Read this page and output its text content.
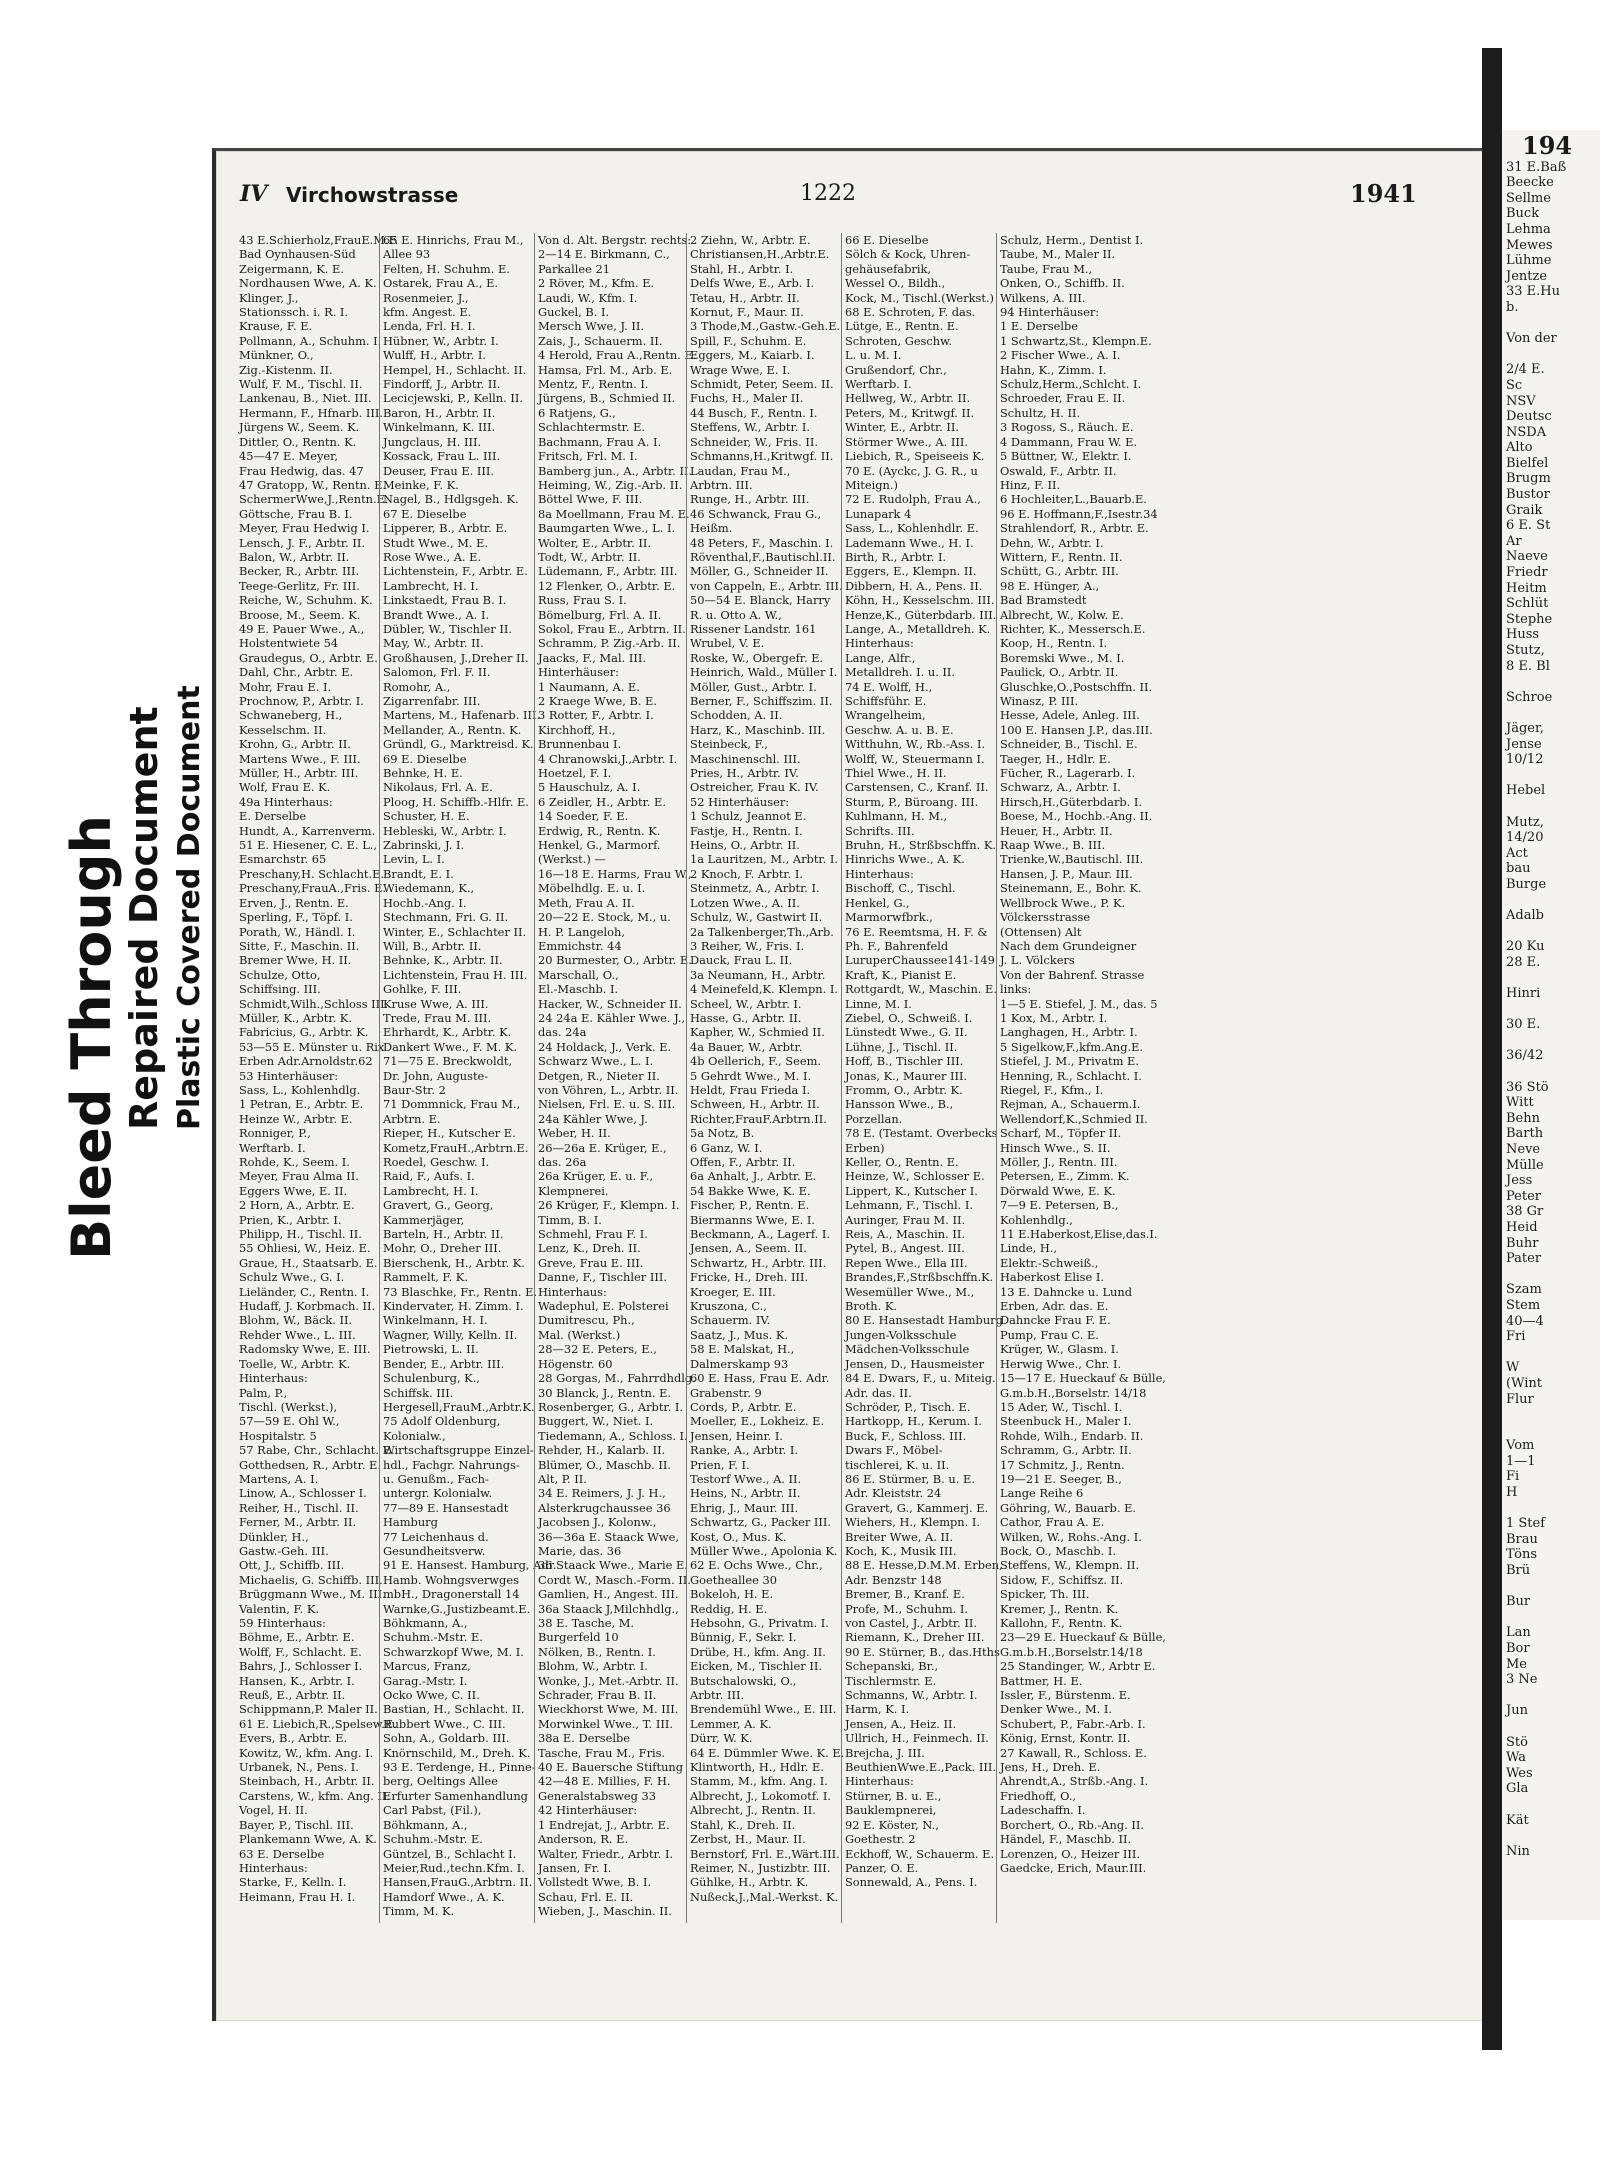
Bleed Through Repaired Document Plastic Covered Document
IV Virchowstrasse	1222	1941
43 E.Schierholz,FrauE.M.F.
Bad Oynhausen-Süd
Zeigermann, K. E.
Nordhausen Wwe, A. K.
Klinger, J.,
Stationssch. i. R. I.
Krause, F. E.
Pollmann, A., Schuhm. I.
Münkner, O.,
Zig.-Kistenm. II.
Wulf, F. M., Tischl. II.
Lankenau, B., Niet. III.
Hermann, F., Hfnarb. III.
Jürgens W., Seem. K.
Dittler, O., Rentn. K.
45—47 E. Meyer,
Frau Hedwig, das. 47
47 Gratopp, W., Rentn. E.
SchermerWwe,J.,Rentn.E.
Göttsche, Frau B. I.
Meyer, Frau Hedwig I.
Lensch, J. F., Arbtr. II.
Balon, W., Arbtr. II.
Becker, R., Arbtr. III.
Teege-Gerlitz, Fr. III.
Reiche, W., Schuhm. K.
Broose, M., Seem. K.
49 E. Pauer Wwe., A.,
Holstentwiete 54
Graudegus, O., Arbtr. E.
Dahl, Chr., Arbtr. E.
Mohr, Frau E. I.
Prochnow, P., Arbtr. I.
Schwaneberg, H.,
Kesselschm. II.
Krohn, G., Arbtr. II.
Martens Wwe., F. III.
Müller, H., Arbtr. III.
Wolf, Frau E. K.
49a Hinterhaus:
E. Derselbe
Hundt, A., Karrenverm.
51 E. Hiesener, C. E. L.,
Esmarchstr. 65
Preschany,H. Schlacht.E.
Preschany,FrauA.,Fris. E.
Erven, J., Rentn. E.
Sperling, F., Töpf. I.
Porath, W., Händl. I.
Sitte, F., Maschin. II.
Bremer Wwe, H. II.
Schulze, Otto,
Schiffsing. III.
Schmidt,Wilh.,Schloss III.
Müller, K., Arbtr. K.
Fabricius, G., Arbtr. K.
53—55 E. Münster u. Rix
Erben Adr.Arnoldstr.62
53 Hinterhäuser:
Sass, L., Kohlenhdlg.
1 Petran, E., Arbtr. E.
Heinze W., Arbtr. E.
Ronniger, P.,
Werftarb. I.
Rohde, K., Seem. I.
Meyer, Frau Alma II.
Eggers Wwe, E. II.
2 Horn, A., Arbtr. E.
Prien, K., Arbtr. I.
Philipp, H., Tischl. II.
55 Ohliesi, W., Heiz. E.
Graue, H., Staatsarb. E.
Schulz Wwe., G. I.
Lieländer, C., Rentn. I.
Hudaff, J. Korbmach. II.
Blohm, W., Bäck. II.
Rehder Wwe., L. III.
Radomsky Wwe, E. III.
Toelle, W., Arbtr. K.
Hinterhaus:
Palm, P.,
Tischl. (Werkst.),
57—59 E. Ohl W.,
Hospitalstr. 5
57 Rabe, Chr., Schlacht. E.
Gotthedsen, R., Arbtr. E.
Martens, A. I.
Linow, A., Schlosser I.
Reiher, H., Tischl. II.
Ferner, M., Arbtr. II.
Dünkler, H.,
Gastw.-Geh. III.
Ott, J., Schiffb. III.
Michaelis, G. Schiffb. III.
Brüggmann Wwe., M. III.
Valentin, F. K.
59 Hinterhaus:
Böhme, E., Arbtr. E.
Wolff, F., Schlacht. E.
Bahrs, J., Schlosser I.
Hansen, K., Arbtr. I.
Reuß, E., Arbtr. II.
Schippmann,P. Maler II.
61 E. Liebich,R.,Spelsew.E.
Evers, B., Arbtr. E.
Kowitz, W., kfm. Ang. I.
Urbanek, N., Pens. I.
Steinbach, H., Arbtr. II.
Carstens, W., kfm. Ang. II.
Vogel, H. II.
Bayer, P., Tischl. III.
Plankemann Wwe, A. K.
63 E. Derselbe
Hinterhaus:
Starke, F., Kelln. I.
Heimann, Frau H. I.
65 E. Hinrichs, Frau M.,
Allee 93
Felten, H. Schuhm. E.
Ostarek, Frau A., E.
Rosenmeier, J.,
kfm. Angest. E.
Lenda, Frl. H. I.
Hübner, W., Arbtr. I.
Wulff, H., Arbtr. I.
Hempel, H., Schlacht. II.
Findorff, J., Arbtr. II.
Lecicjewski, P., Kelln. II.
Baron, H., Arbtr. II.
Winkelmann, K. III.
Jungclaus, H. III.
Kossack, Frau L. III.
Deuser, Frau E. III.
Meinke, F. K.
Nagel, B., Hdlgsgeh. K.
67 E. Dieselbe
Lipperer, B., Arbtr. E.
Studt Wwe., M. E.
Rose Wwe., A. E.
Lichtenstein, F., Arbtr. E.
Lambrecht, H. I.
Linkstaedt, Frau B. I.
Brandt Wwe., A. I.
Dübler, W., Tischler II.
May, W., Arbtr. II.
Großhausen, J.,Dreher II.
Salomon, Frl. F. II.
Romohr, A.,
Zigarrenfabr. III.
Martens, M., Hafenarb. III.
Mellander, A., Rentn. K.
Gründl, G., Marktreisd. K.
69 E. Dieselbe
Behnke, H. E.
Nikolaus, Frl. A. E.
Ploog, H. Schiffb.-Hlfr. E.
Schuster, H. E.
Hebleski, W., Arbtr. I.
Zabrinski, J. I.
Levin, L. I.
Brandt, E. I.
Wiedemann, K.,
Hochb.-Ang. I.
Stechmann, Fri. G. II.
Winter, E., Schlachter II.
Will, B., Arbtr. II.
Behnke, K., Arbtr. II.
Lichtenstein, Frau H. III.
Gohlke, F. III.
Kruse Wwe, A. III.
Trede, Frau M. III.
Ehrhardt, K., Arbtr. K.
Dankert Wwe., F. M. K.
71—75 E. Breckwoldt,
Dr. John, Auguste-
Baur-Str. 2
71 Dommnick, Frau M.,
Arbtrn. E.
Rieper, H., Kutscher E.
Kometz,FrauH.,Arbtrn.E.
Roedel, Geschw. I.
Raid, F., Aufs. I.
Lambrecht, H. I.
Gravert, G., Georg,
Kammerjäger,
Barteln, H., Arbtr. II.
Mohr, O., Dreher III.
Bierschenk, H., Arbtr. K.
Rammelt, F. K.
73 Blaschke, Fr., Rentn. E.
Kindervater, H. Zimm. I.
Winkelmann, H. I.
Wagner, Willy, Kelln. II.
Pietrowski, L. II.
Bender, E., Arbtr. III.
Schulenburg, K.,
Schiffsk. III.
Hergesell,FrauM.,Arbtr.K.
75 Adolf Oldenburg,
Kolonialw.,
Wirtschaftsgruppe Einzel-
hdl., Fachgr. Nahrungs-
u. Genußm., Fach-
untergr. Kolonialw.
77—89 E. Hansestadt
Hamburg
77 Leichenhaus d.
Gesundheitsverw.
91 E. Hansest. Hamburg, Adr.
Hamb. Wohngsverwges
mbH., Dragonerstall 14
Warnke,G.,Justizbeamt.E.
Böhkmann, A.,
Schuhm.-Mstr. E.
Schwarzkopf Wwe, M. I.
Marcus, Franz,
Garag.-Mstr. I.
Ocko Wwe, C. II.
Bastian, H., Schlacht. II.
Rubbert Wwe., C. III.
Sohn, A., Goldarb. III.
Knörnschild, M., Dreh. K.
93 E. Terdenge, H., Pinne-
berg, Oeltings Allee
Erfurter Samenhandlung
Carl Pabst, (Fil.),
Böhkmann, A.,
Schuhm.-Mstr. E.
Güntzel, B., Schlacht I.
Meier,Rud.,techn.Kfm. I.
Hansen,FrauG.,Arbtrn. II.
Hamdorf Wwe., A. K.
Timm, M. K.
Von d. Alt. Bergstr. rechts:
2—14 E. Birkmann, C.,
Parkallee 21
2 Röver, M., Kfm. E.
Laudi, W., Kfm. I.
Guckel, B. I.
Mersch Wwe, J. II.
Zais, J., Schauerm. II.
4 Herold, Frau A.,Rentn. E.
Hamsa, Frl. M., Arb. E.
Mentz, F., Rentn. I.
Jürgens, B., Schmied II.
6 Ratjens, G.,
Schlachtermstr. E.
Bachmann, Frau A. I.
Fritsch, Frl. M. I.
Bamberg jun., A., Arbtr. II.
Heiming, W., Zig.-Arb. II.
Böttel Wwe, F. III.
8a Moellmann, Frau M. E.
Baumgarten Wwe., L. I.
Wolter, E., Arbtr. II.
Todt, W., Arbtr. II.
Lüdemann, F., Arbtr. III.
12 Flenker, O., Arbtr. E.
Russ, Frau S. I.
Bömelburg, Frl. A. II.
Sokol, Frau E., Arbtrn. II.
Schramm, P. Zig.-Arb. II.
Jaacks, F., Mal. III.
Hinterhäuser:
1 Naumann, A. E.
2 Kraege Wwe, B. E.
3 Rotter, F., Arbtr. I.
Kirchhoff, H.,
Brunnenbau I.
4 Chranowski,J.,Arbtr. I.
Hoetzel, F. I.
5 Hauschulz, A. I.
6 Zeidler, H., Arbtr. E.
14 Soeder, F. E.
Erdwig, R., Rentn. K.
Henkel, G., Marmorf.
(Werkst.) —
16—18 E. Harms, Frau W.,
Möbelhdlg. E. u. I.
Meth, Frau A. II.
20—22 E. Stock, M., u.
H. P. Langeloh,
Emmichstr. 44
20 Burmester, O., Arbtr. E.
Marschall, O.,
El.-Maschb. I.
Hacker, W., Schneider II.
24 24a E. Kähler Wwe. J.,
das. 24a
24 Holdack, J., Verk. E.
Schwarz Wwe., L. I.
Detgen, R., Nieter II.
von Vöhren, L., Arbtr. II.
Nielsen, Frl. E. u. S. III.
24a Kähler Wwe, J.
Weber, H. II.
26—26a E. Krüger, E.,
das. 26a
26a Krüger, E. u. F.,
Klempnerei.
26 Krüger, F., Klempn. I.
Timm, B. I.
Schmehl, Frau F. I.
Lenz, K., Dreh. II.
Greve, Frau E. III.
Danne, F., Tischler III.
Hinterhaus:
Wadephul, E. Polsterei
Dumitrescu, Ph.,
Mal. (Werkst.)
28—32 E. Peters, E.,
Högenstr. 60
28 Gorgas, M., Fahrrdhdlg.
30 Blanck, J., Rentn. E.
Rosenberger, G., Arbtr. I.
Buggert, W., Niet. I.
Tiedemann, A., Schloss. I.
Rehder, H., Kalarb. II.
Blümer, O., Maschb. II.
Alt, P. II.
34 E. Reimers, J. J. H.,
Alsterkrugchaussee 36
Jacobsen J., Kolonw.,
36—36a E. Staack Wwe,
Marie, das. 36
36 Staack Wwe., Marie E.
Cordt W., Masch.-Form. II.
Gamlien, H., Angest. III.
36a Staack J,Milchhdlg.,
38 E. Tasche, M.
Burgerfeld 10
Nölken, B., Rentn. I.
Blohm, W., Arbtr. I.
Wonke, J., Met.-Arbtr. II.
Schrader, Frau B. II.
Wieckhorst Wwe, M. III.
Morwinkel Wwe., T. III.
38a E. Derselbe
Tasche, Frau M., Fris.
40 E. Bauersche Stiftung
42—48 E. Millies, F. H.
Generalstabsweg 33
42 Hinterhäuser:
1 Endrejat, J., Arbtr. E.
Anderson, R. E.
Walter, Friedr., Arbtr. I.
Jansen, Fr. I.
Vollstedt Wwe, B. I.
Schau, Frl. E. II.
Wieben, J., Maschin. II.
2 Ziehn, W., Arbtr. E.
Christiansen,H.,Arbtr.E.
Stahl, H., Arbtr. I.
Delfs Wwe, E., Arb. I.
Tetau, H., Arbtr. II.
Kornut, F., Maur. II.
3 Thode,M.,Gastw.-Geh.E.
Spill, F., Schuhm. E.
Eggers, M., Kaiarb. I.
Wrage Wwe, E. I.
Schmidt, Peter, Seem. II.
Fuchs, H., Maler II.
44 Busch, F., Rentn. I.
Steffens, W., Arbtr. I.
Schneider, W., Fris. II.
Schmanns,H.,Kritwgf. II.
Laudan, Frau M.,
Arbtrn. III.
Runge, H., Arbtr. III.
46 Schwanck, Frau G.,
Heißm.
48 Peters, F., Maschin. I.
Röventhal,F.,Bautischl.II.
Möller, G., Schneider II.
von Cappeln, E., Arbtr. III.
50—54 E. Blanck, Harry
R. u. Otto A. W.,
Rissener Landstr. 161
Wrubel, V. E.
Roske, W., Obergefr. E.
Heinrich, Wald., Müller I.
Möller, Gust., Arbtr. I.
Berner, F., Schiffszim. II.
Schodden, A. II.
Harz, K., Maschinb. III.
Steinbeck, F.,
Maschinenschl. III.
Pries, H., Arbtr. IV.
Ostreicher, Frau K. IV.
52 Hinterhäuser:
1 Schulz, Jeannot E.
Fastje, H., Rentn. I.
Heins, O., Arbtr. II.
1a Lauritzen, M., Arbtr. I.
2 Knoch, F. Arbtr. I.
Steinmetz, A., Arbtr. I.
Lotzen Wwe., A. II.
Schulz, W., Gastwirt II.
2a Talkenberger,Th.,Arb.
3 Reiher, W., Fris. I.
Dauck, Frau L. II.
3a Neumann, H., Arbtr.
4 Meinefeld,K. Klempn. I.
Scheel, W., Arbtr. I.
Hasse, G., Arbtr. II.
Kapher, W., Schmied II.
4a Bauer, W., Arbtr.
4b Oellerich, F., Seem.
5 Gehrdt Wwe., M. I.
Heldt, Frau Frieda I.
Schween, H., Arbtr. II.
Richter,FrauF.Arbtrn.II.
5a Notz, B.
6 Ganz, W. I.
Offen, F., Arbtr. II.
6a Anhalt, J., Arbtr. E.
54 Bakke Wwe, K. E.
Fischer, P., Rentn. E.
Biermanns Wwe, E. I.
Beckmann, A., Lagerf. I.
Jensen, A., Seem. II.
Schwartz, H., Arbtr. III.
Fricke, H., Dreh. III.
Kroeger, E. III.
Kruszona, C.,
Schauerm. IV.
Saatz, J., Mus. K.
58 E. Malskat, H.,
Dalmerskamp 93
60 E. Hass, Frau E. Adr.
Grabenstr. 9
Cords, P., Arbtr. E.
Moeller, E., Lokheiz. E.
Jensen, Heinr. I.
Ranke, A., Arbtr. I.
Prien, F. I.
Testorf Wwe., A. II.
Heins, N., Arbtr. II.
Ehrig, J., Maur. III.
Schwartz, G., Packer III.
Kost, O., Mus. K.
Müller Wwe., Apolonia K.
62 E. Ochs Wwe., Chr.,
Goetheallee 30
Bokeloh, H. E.
Reddig, H. E.
Hebsohn, G., Privatm. I.
Bünnig, F., Sekr. I.
Drübe, H., kfm. Ang. II.
Eicken, M., Tischler II.
Butschalowski, O.,
Arbtr. III.
Brendemühl Wwe., E. III.
Lemmer, A. K.
Dürr, W. K.
64 E. Dümmler Wwe. K. E.
Klintworth, H., Hdlr. E.
Stamm, M., kfm. Ang. I.
Albrecht, J., Lokomotf. I.
Albrecht, J., Rentn. II.
Stahl, K., Dreh. II.
Zerbst, H., Maur. II.
Bernstorf, Frl. E.,Wärt.III.
Reimer, N., Justizbtr. III.
Gühlke, H., Arbtr. K.
Nußeck,J.,Mal.-Werkst. K.
66 E. Dieselbe
Sölch & Kock, Uhren-
gehäusefabrik,
Wessel O., Bildh.,
Kock, M., Tischl.(Werkst.)
68 E. Schroten, F. das.
Lütge, E., Rentn. E.
Schroten, Geschw.
L. u. M. I.
Grußendorf, Chr.,
Werftarb. I.
Hellweg, W., Arbtr. II.
Peters, M., Kritwgf. II.
Winter, E., Arbtr. II.
Störmer Wwe., A. III.
Liebich, R., Speiseeis K.
70 E. (Ayckc, J. G. R., u
Miteign.)
72 E. Rudolph, Frau A.,
Lunapark 4
Sass, L., Kohlenhdlr. E.
Lademann Wwe., H. I.
Birth, R., Arbtr. I.
Eggers, E., Klempn. II.
Dibbern, H. A., Pens. II.
Köhn, H., Kesselschm. III.
Henze,K., Güterbdarb. III.
Lange, A., Metalldreh. K.
Hinterhaus:
Lange, Alfr.,
Metalldreh. I. u. II.
74 E. Wolff, H.,
Schiffsführ. E.
Wrangelheim,
Geschw. A. u. B. E.
Witthuhn, W., Rb.-Ass. I.
Wolff, W., Steuermann I.
Thiel Wwe., H. II.
Carstensen, C., Kranf. II.
Sturm, P., Büroang. III.
Kuhlmann, H. M.,
Schrifts. III.
Bruhn, H., Strßbschffn. K.
Hinrichs Wwe., A. K.
Hinterhaus:
Bischoff, C., Tischl.
Henkel, G.,
Marmorwfbrk.,
76 E. Reemtsma, H. F. &
Ph. F., Bahrenfeld
LuruperChaussee141-149
Kraft, K., Pianist E.
Rottgardt, W., Maschin. E.
Linne, M. I.
Ziebel, O., Schweiß. I.
Lünstedt Wwe., G. II.
Lühne, J., Tischl. II.
Hoff, B., Tischler III.
Jonas, K., Maurer III.
Fromm, O., Arbtr. K.
Hansson Wwe., B.,
Porzellan.
78 E. (Testamt. Overbecks
Erben)
Keller, O., Rentn. E.
Heinze, W., Schlosser E.
Lippert, K., Kutscher I.
Lehmann, F., Tischl. I.
Auringer, Frau M. II.
Reis, A., Maschin. II.
Pytel, B., Angest. III.
Repen Wwe., Ella III.
Brandes,F.,Strßbschffn.K.
Wesemüller Wwe., M.,
Broth. K.
80 E. Hansestadt Hamburg
Jungen-Volksschule
Mädchen-Volksschule
Jensen, D., Hausmeister
84 E. Dwars, F., u. Miteig.
Adr. das. II.
Schröder, P., Tisch. E.
Hartkopp, H., Kerum. I.
Buck, F., Schloss. III.
Dwars F., Möbel-
tischlerei, K. u. II.
86 E. Stürmer, B. u. E.
Adr. Kleiststr. 24
Gravert, G., Kammerj. E.
Wiehers, H., Klempn. I.
Breiter Wwe, A. II.
Koch, K., Musik III.
88 E. Hesse,D.M.M. Erben,
Adr. Benzstr 148
Bremer, B., Kranf. E.
Profe, M., Schuhm. I.
von Castel, J., Arbtr. II.
Riemann, K., Dreher III.
90 E. Stürner, B., das.Hths
Schepanski, Br.,
Tischlermstr. E.
Schmanns, W., Arbtr. I.
Harm, K. I.
Jensen, A., Heiz. II.
Ullrich, H., Feinmech. II.
Brejcha, J. III.
BeuthienWwe.E.,Pack. III.
Hinterhaus:
Stürner, B. u. E.,
Bauklempnerei,
92 E. Köster, N.,
Goethestr. 2
Eckhoff, W., Schauerm. E.
Panzer, O. E.
Sonnewald, A., Pens. I.
Schulz, Herm., Dentist I.
Taube, M., Maler II.
Taube, Frau M.,
Onken, O., Schiffb. II.
Wilkens, A. III.
94 Hinterhäuser:
1 E. Derselbe
1 Schwartz,St., Klempn.E.
2 Fischer Wwe., A. I.
Hahn, K., Zimm. I.
Schulz,Herm.,Schlcht. I.
Schroeder, Frau E. II.
Schultz, H. II.
3 Rogoss, S., Räuch. E.
4 Dammann, Frau W. E.
5 Büttner, W., Elektr. I.
Oswald, F., Arbtr. II.
Hinz, F. II.
6 Hochleiter,L.,Bauarb.E.
96 E. Hoffmann,F.,Isestr.34
Strahlendorf, R., Arbtr. E.
Dehn, W., Arbtr. I.
Wittern, F., Rentn. II.
Schütt, G., Arbtr. III.
98 E. Hünger, A.,
Bad Bramstedt
Albrecht, W., Kolw. E.
Richter, K., Messersch.E.
Koop, H., Rentn. I.
Boremski Wwe., M. I.
Paulick, O., Arbtr. II.
Gluschke,O.,Postschffn. II.
Winasz, P. III.
Hesse, Adele, Anleg. III.
100 E. Hansen J.P., das.III.
Schneider, B., Tischl. E.
Taeger, H., Hdlr. E.
Fücher, R., Lagerarb. I.
Schwarz, A., Arbtr. I.
Hirsch,H.,Güterbdarb. I.
Boese, M., Hochb.-Ang. II.
Heuer, H., Arbtr. II.
Raap Wwe., B. III.
Trienke,W.,Bautischl. III.
Hansen, J. P., Maur. III.
Steinemann, E., Bohr. K.
Wellbrock Wwe., P. K.
Völckersstrasse
(Ottensen) Alt
Nach dem Grundeigner
J. L. Völckers
Von der Bahrenf. Strasse
links:
1—5 E. Stiefel, J. M., das. 5
1 Kox, M., Arbtr. I.
Langhagen, H., Arbtr. I.
5 Sigelkow,F.,kfm.Ang.E.
Stiefel, J. M., Privatm E.
Henning, R., Schlacht. I.
Riegel, F., Kfm., I.
Rejman, A., Schauerm.I.
Wellendorf,K.,Schmied II.
Scharf, M., Töpfer II.
Hinsch Wwe., S. II.
Möller, J., Rentn. III.
Petersen, E., Zimm. K.
Dörwald Wwe, E. K.
7—9 E. Petersen, B.,
Kohlenhdlg.,
11 E.Haberkost,Elise,das.I.
Linde, H.,
Elektr.-Schweiß.,
Haberkost Elise I.
13 E. Dahncke u. Lund
Erben, Adr. das. E.
Dahncke Frau F. E.
Pump, Frau C. E.
Krüger, W., Glasm. I.
Herwig Wwe., Chr. I.
15—17 E. Hueckauf & Bülle,
G.m.b.H.,Borselstr. 14/18
15 Ader, W., Tischl. I.
Steenbuck H., Maler I.
Rohde, Wilh., Endarb. II.
Schramm, G., Arbtr. II.
17 Schmitz, J., Rentn.
19—21 E. Seeger, B.,
Lange Reihe 6
Göhring, W., Bauarb. E.
Cathor, Frau A. E.
Wilken, W., Rohs.-Ang. I.
Bock, O., Maschb. I.
Steffens, W., Klempn. II.
Sidow, F., Schiffsz. II.
Spicker, Th. III.
Kremer, J., Rentn. K.
Kallohn, F., Rentn. K.
23—29 E. Hueckauf & Bülle,
G.m.b.H.,Borselstr.14/18
25 Standinger, W., Arbtr E.
Battmer, H. E.
Issler, F., Bürstenm. E.
Denker Wwe., M. I.
Schubert, P., Fabr.-Arb. I.
König, Ernst, Kontr. II.
27 Kawall, R., Schloss. E.
Jens, H., Dreh. E.
Ahrendt,A., Strßb.-Ang. I.
Friedhoff, O.,
Ladeschaffn. I.
Borchert, O., Rb.-Ang. II.
Händel, F., Maschb. II.
Lorenzen, O., Heizer III.
Gaedcke, Erich, Maur.III.
194
31 E.Baß
Beecke
Sellme
Buck
Lehma
Mewes
Lühme
Jentze
33 E.Hu
b.

Von der

2/4 E.
Sc
NSV
Deutsc
NSDA
Alto
Bielfel
Brugm
Bustor
Graik
6 E. St
Ar
Naeve
Friedr
Heitm
Schlüt
Stephe
Huss
Stutz,
8 E. Bl

Schroe

Jäger,
Jense
10/12

Hebel

Mutz,
14/20
Act
bau
Burge

Adalb

20 Ku
28 E.

Hinri

30 E.

36/42

36 Stö
Witt
Behn
Barth
Neve
Mülle
Jess
Peter
38 Gr
Heid
Buhr
Pater

Szam
Stem
40—4
Fri

W
(Wint
Flur

Vom
1—1
Fi
H

1 Stef
Brau
Töns
Brü

Bur

Lan
Bor
Me
3 Ne

Jun

Stö
Wa
Wes
Gla

Kät

Nin
